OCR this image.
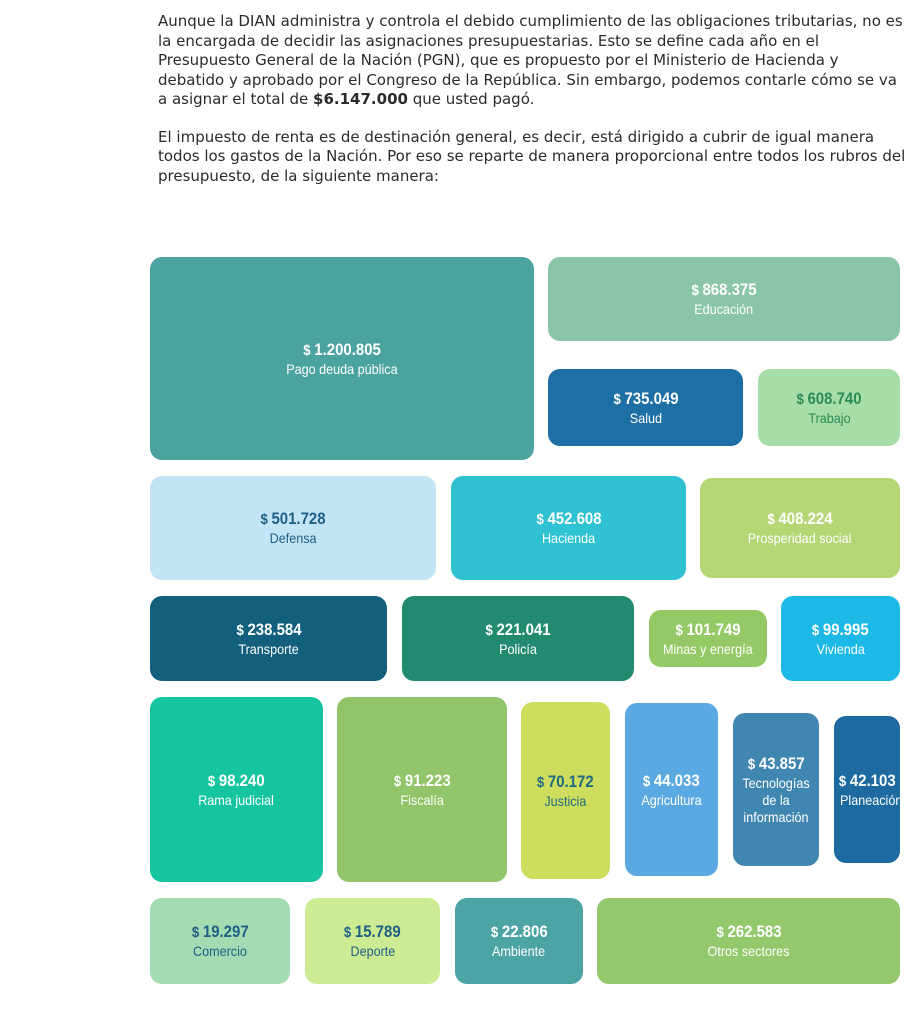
Aunque la DIAN administra y controla el debido cumplimiento de las obligaciones tributarias, no es la encargada de decidir las asignaciones presupuestarias. Esto se define cada año en el Presupuesto General de la Nación (PGN), que es propuesto por el Ministerio de Hacienda y debatido y aprobado por el Congreso de la República. Sin embargo, podemos contarle cómo se va a asignar el total de $6.147.000 que usted pagó.

El impuesto de renta es de destinación general, es decir, está dirigido a cubrir de igual manera todos los gastos de la Nación. Por eso se reparte de manera proporcional entre todos los rubros del presupuesto, de la siguiente manera:

$ 1.200.805
Pago deuda pública
$ 868.375
Educación
$ 735.049
Salud
$ 608.740
Trabajo
$ 501.728
Defensa
$ 452.608
Hacienda
$ 408.224
Prosperidad social
$ 238.584
Transporte
$ 221.041
Policía
$ 101.749
Minas y energía
$ 99.995
Vivienda
$ 98.240
Rama judicial
$ 91.223
Fiscalía
$ 70.172
Justicia
$ 44.033
Agricultura
$ 43.857
Tecnologías de la información
$ 42.103
Planeación
$ 19.297
Comercio
$ 15.789
Deporte
$ 22.806
Ambiente
$ 262.583
Otros sectores
